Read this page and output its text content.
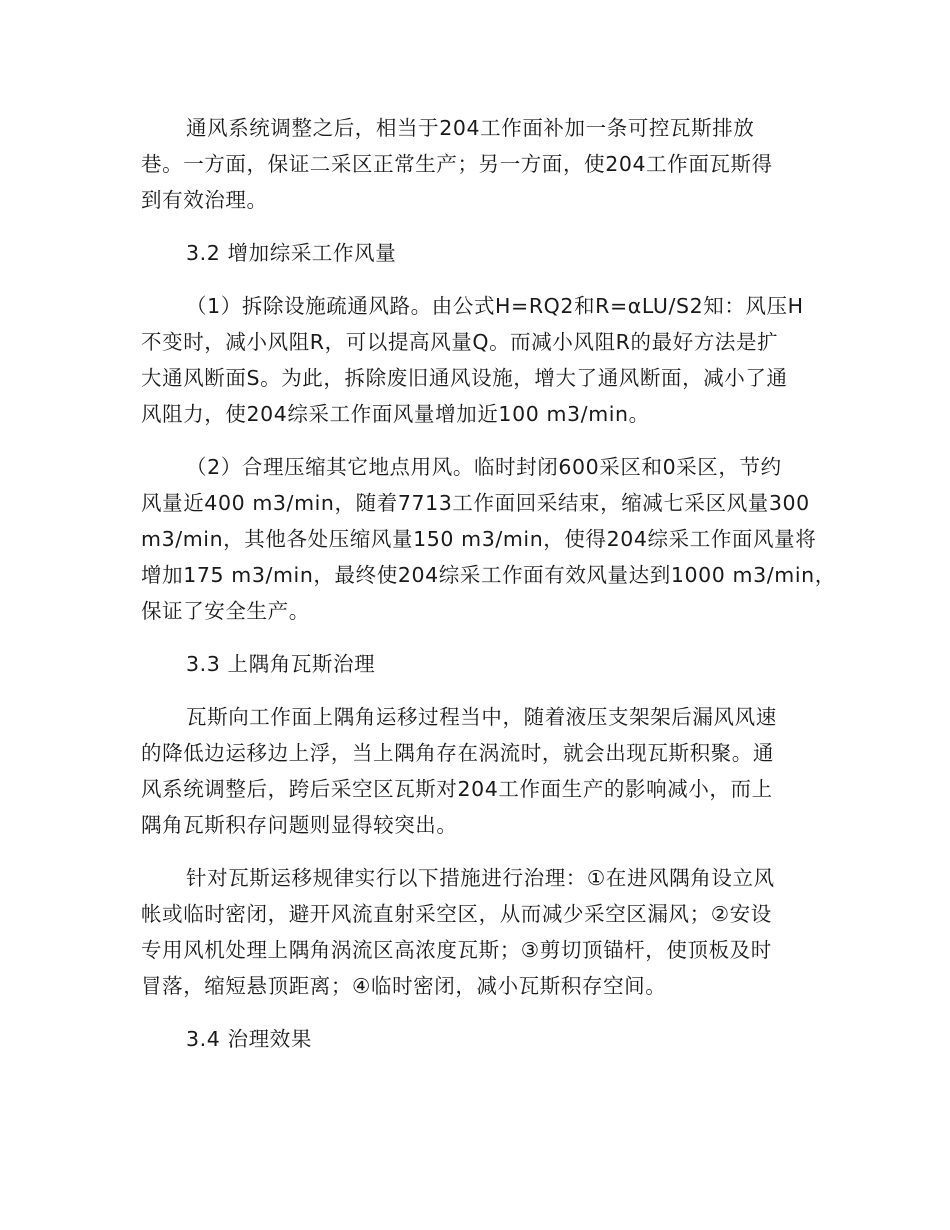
通风系统调整之后，相当于204工作面补加一条可控瓦斯排放
巷。一方面，保证二采区正常生产；另一方面，使204工作面瓦斯得
到有效治理。
3.2 增加综采工作风量
（1）拆除设施疏通风路。由公式H=RQ2和R=αLU/S2知：风压H
不变时，减小风阻R，可以提高风量Q。而减小风阻R的最好方法是扩
大通风断面S。为此，拆除废旧通风设施，增大了通风断面，减小了通
风阻力，使204综采工作面风量增加近100 m3/min。
（2）合理压缩其它地点用风。临时封闭600采区和0采区，节约
风量近400 m3/min，随着7713工作面回采结束，缩减七采区风量300
m3/min，其他各处压缩风量150 m3/min，使得204综采工作面风量将
增加175 m3/min，最终使204综采工作面有效风量达到1000 m3/min，
保证了安全生产。
3.3 上隅角瓦斯治理
瓦斯向工作面上隅角运移过程当中，随着液压支架架后漏风风速
的降低边运移边上浮，当上隅角存在涡流时，就会出现瓦斯积聚。通
风系统调整后，跨后采空区瓦斯对204工作面生产的影响减小，而上
隅角瓦斯积存问题则显得较突出。
针对瓦斯运移规律实行以下措施进行治理：①在进风隅角设立风
帐或临时密闭，避开风流直射采空区，从而减少采空区漏风；②安设
专用风机处理上隅角涡流区高浓度瓦斯；③剪切顶锚杆，使顶板及时
冒落，缩短悬顶距离；④临时密闭，减小瓦斯积存空间。
3.4 治理效果
